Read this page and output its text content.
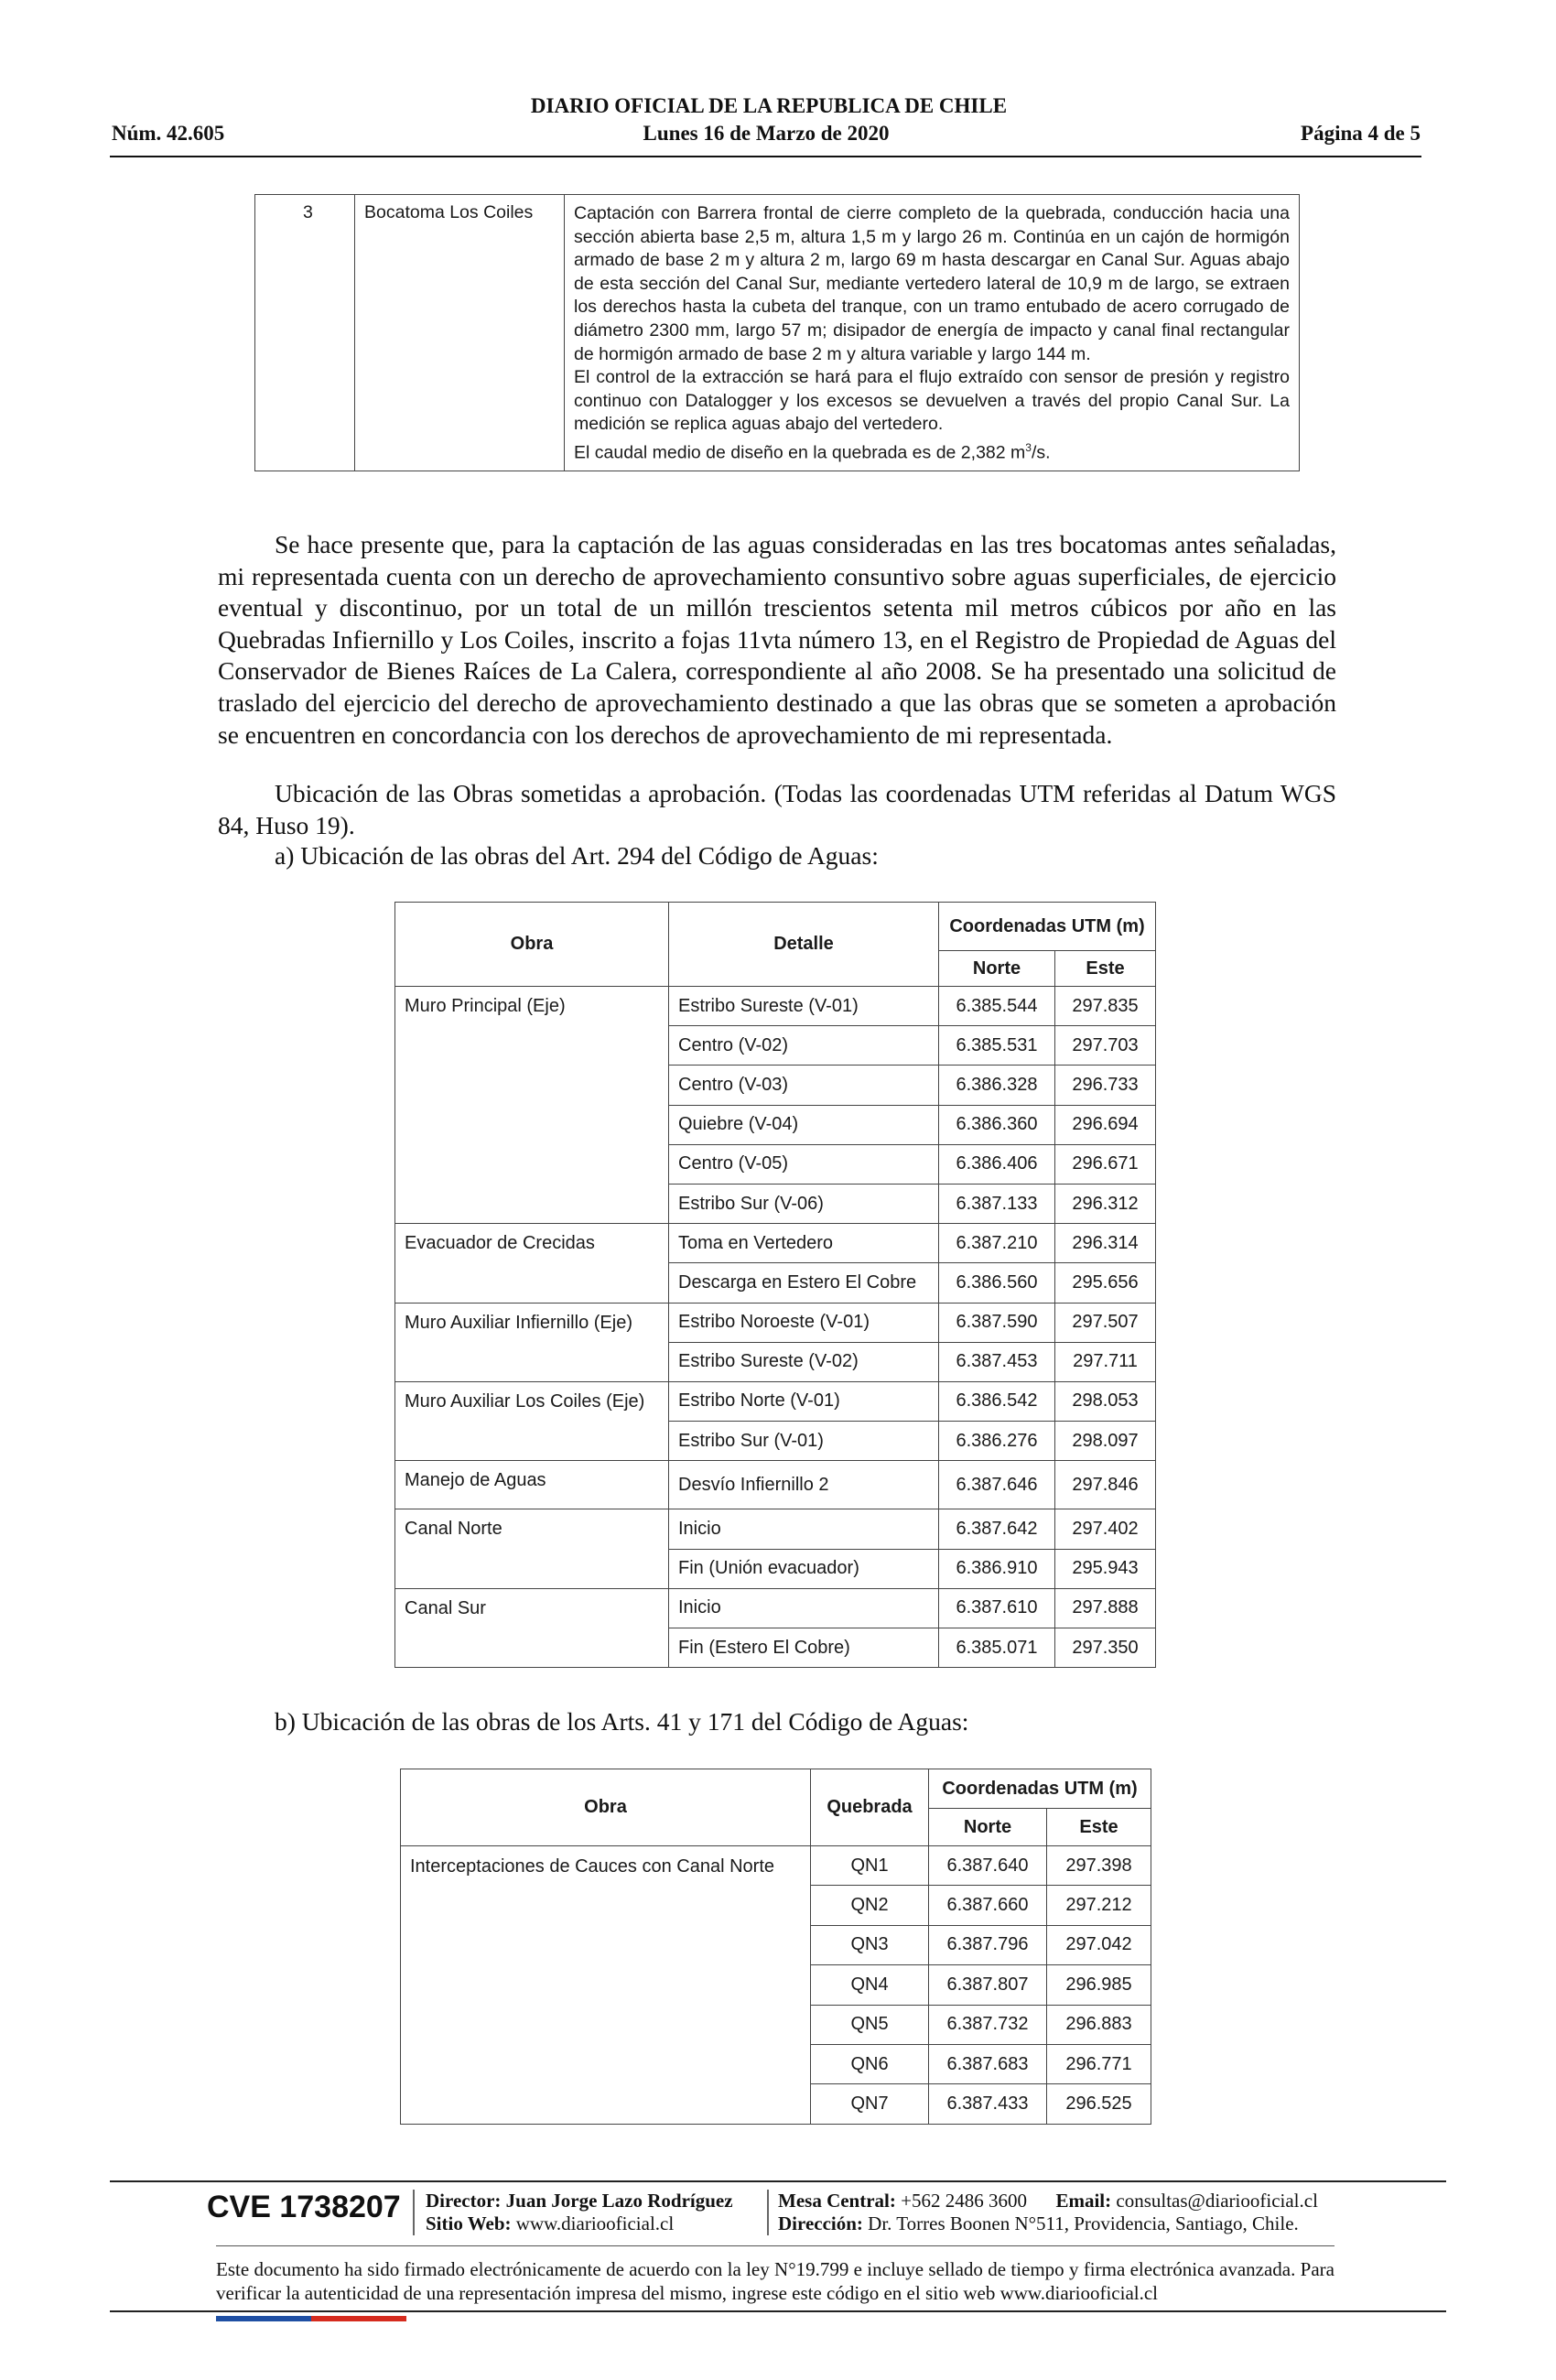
DIARIO OFICIAL DE LA REPUBLICA DE CHILE
Lunes 16 de Marzo de 2020
Núm. 42.605	Página 4 de 5
3	Bocatoma Los Coiles	Captación con Barrera frontal de cierre completo de la quebrada, conducción hacia una sección abierta base 2,5 m, altura 1,5 m y largo 26 m. Continúa en un cajón de hormigón armado de base 2 m y altura 2 m, largo 69 m hasta descargar en Canal Sur. Aguas abajo de esta sección del Canal Sur, mediante vertedero lateral de 10,9 m de largo, se extraen los derechos hasta la cubeta del tranque, con un tramo entubado de acero corrugado de diámetro 2300 mm, largo 57 m; disipador de energía de impacto y canal final rectangular de hormigón armado de base 2 m y altura variable y largo 144 m.
El control de la extracción se hará para el flujo extraído con sensor de presión y registro continuo con Datalogger y los excesos se devuelven a través del propio Canal Sur. La medición se replica aguas abajo del vertedero.
El caudal medio de diseño en la quebrada es de 2,382 $m^3/s$.
Se hace presente que, para la captación de las aguas consideradas en las tres bocatomas antes señaladas, mi representada cuenta con un derecho de aprovechamiento consuntivo sobre aguas superficiales, de ejercicio eventual y discontinuo, por un total de un millón trescientos setenta mil metros cúbicos por año en las Quebradas Infiernillo y Los Coiles, inscrito a fojas 11vta número 13, en el Registro de Propiedad de Aguas del Conservador de Bienes Raíces de La Calera, correspondiente al año 2008. Se ha presentado una solicitud de traslado del ejercicio del derecho de aprovechamiento destinado a que las obras que se someten a aprobación se encuentren en concordancia con los derechos de aprovechamiento de mi representada.
Ubicación de las Obras sometidas a aprobación. (Todas las coordenadas UTM referidas al Datum WGS 84, Huso 19).
a) Ubicación de las obras del Art. 294 del Código de Aguas:
Obra	Detalle	Coordenadas UTM (m)	
		Norte	Este
Muro Principal (Eje)	Estribo Sureste (V-01)	6.385.544	297.835
	Centro (V-02)	6.385.531	297.703
	Centro (V-03)	6.386.328	296.733
	Quiebre (V-04)	6.386.360	296.694
	Centro (V-05)	6.386.406	296.671
	Estribo Sur (V-06)	6.387.133	296.312
Evacuador de Crecidas	Toma en Vertedero	6.387.210	296.314
	Descarga en Estero El Cobre	6.386.560	295.656
Muro Auxiliar Infiernillo (Eje)	Estribo Noroeste (V-01)	6.387.590	297.507
	Estribo Sureste (V-02)	6.387.453	297.711
Muro Auxiliar Los Coiles (Eje)	Estribo Norte (V-01)	6.386.542	298.053
	Estribo Sur (V-01)	6.386.276	298.097
Manejo de Aguas	Desvío Infiernillo 2	6.387.646	297.846
Canal Norte	Inicio	6.387.642	297.402
	Fin (Unión evacuador)	6.386.910	295.943
Canal Sur	Inicio	6.387.610	297.888
	Fin (Estero El Cobre)	6.385.071	297.350
b) Ubicación de las obras de los Arts. 41 y 171 del Código de Aguas:
Obra	Quebrada	Coordenadas UTM (m)	
		Norte	Este
Interceptaciones de Cauces con Canal Norte	QN1	6.387.640	297.398
	QN2	6.387.660	297.212
	QN3	6.387.796	297.042
	QN4	6.387.807	296.985
	QN5	6.387.732	296.883
	QN6	6.387.683	296.771
	QN7	6.387.433	296.525
CVE 1738207 Director: Juan Jorge Lazo Rodríguez
Sitio Web: www.diariooficial.cl
Mesa Central: +562 2486 3600 Email: consultas@diariooficial.cl
Dirección: Dr. Torres Boonen N°511, Providencia, Santiago, Chile.
Este documento ha sido firmado electrónicamente de acuerdo con la ley N°19.799 e incluye sellado de tiempo y firma electrónica avanzada. Para verificar la autenticidad de una representación impresa del mismo, ingrese este código en el sitio web www.diariooficial.cl
